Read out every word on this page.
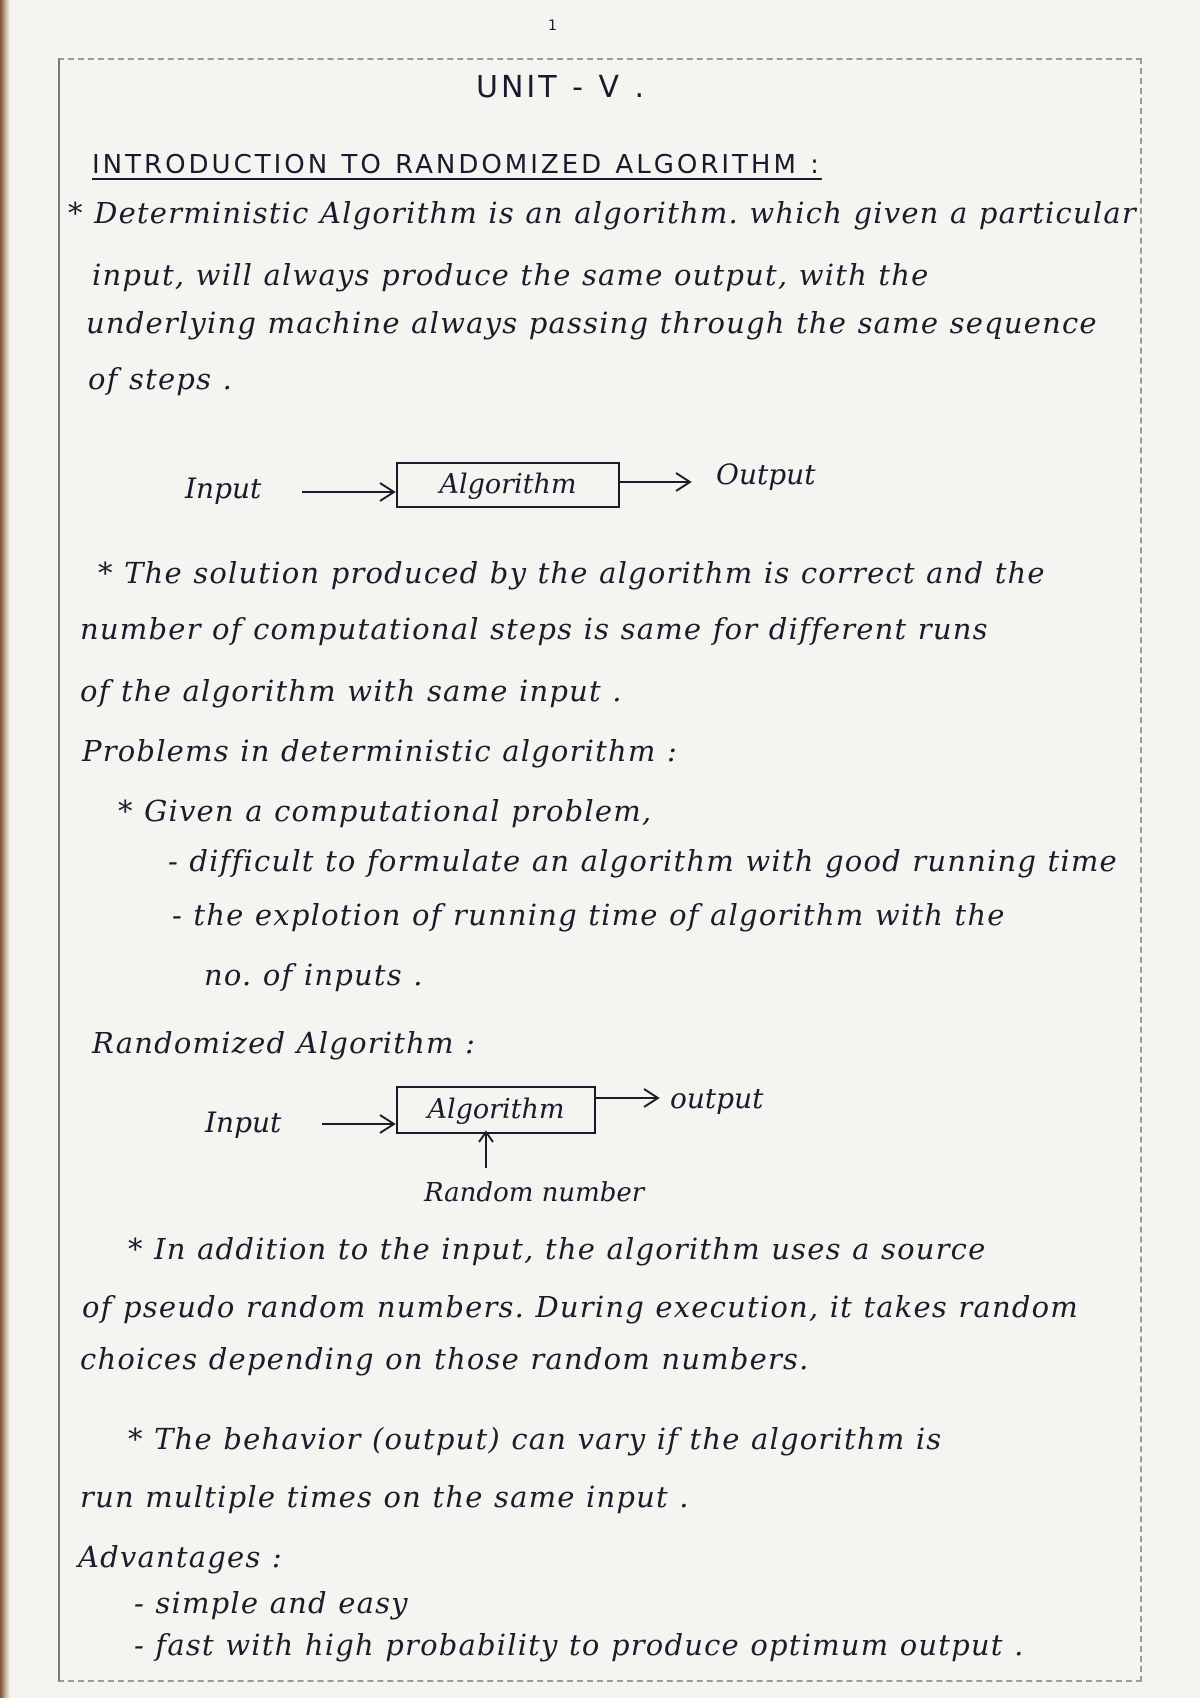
1
UNIT - V .
INTRODUCTION TO RANDOMIZED ALGORITHM :
* Deterministic Algorithm is an algorithm. which given a particular
input, will always produce the same output, with the
underlying machine always passing through the same sequence
of steps .
Input	Algorithm	Output
* The solution produced by the algorithm is correct and the
number of computational steps is same for different runs
of the algorithm with same input .
Problems in deterministic algorithm :
* Given a computational problem,
- difficult to formulate an algorithm with good running time
- the explotion of running time of algorithm with the
no. of inputs .
Randomized Algorithm :
Input	Algorithm	output
Random number
* In addition to the input, the algorithm uses a source
of pseudo random numbers. During execution, it takes random
choices depending on those random numbers.
* The behavior (output) can vary if the algorithm is
run multiple times on the same input .
Advantages :
- simple and easy
- fast with high probability to produce optimum output .
